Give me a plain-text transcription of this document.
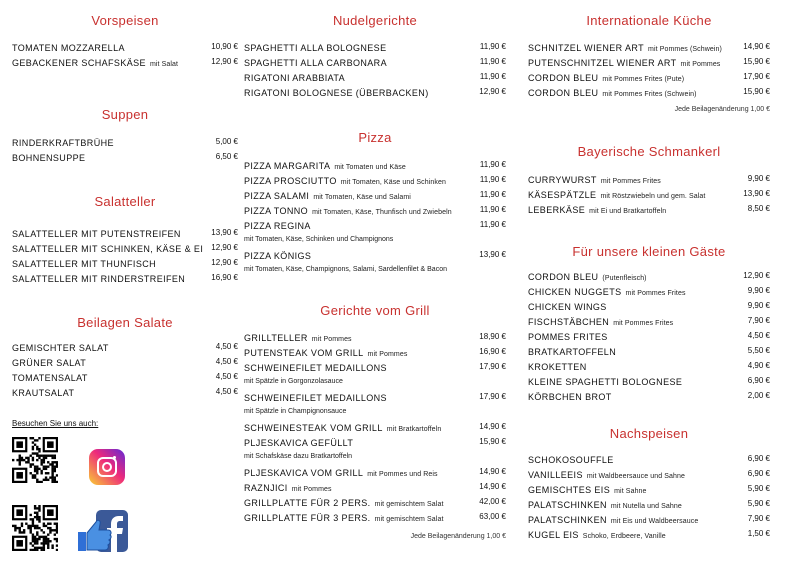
Vorspeisen
TOMATEN MOZZARELLA	10,90 €
GEBACKENER SCHAFSKÄSE mit Salat	12,90 €
Suppen
RINDERKRAFTBRÜHE	5,00 €
BOHNENSUPPE	6,50 €
Salatteller
SALATTELLER MIT PUTENSTREIFEN	13,90 €
SALATTELLER MIT SCHINKEN, KÄSE & EI	12,90 €
SALATTELLER MIT THUNFISCH	12,90 €
SALATTELLER MIT RINDERSTREIFEN	16,90 €
Beilagen Salate
GEMISCHTER SALAT	4,50 €
GRÜNER SALAT	4,50 €
TOMATENSALAT	4,50 €
KRAUTSALAT	4,50 €
Besuchen Sie uns auch:
Nudelgerichte
SPAGHETTI ALLA BOLOGNESE	11,90 €
SPAGHETTI ALLA CARBONARA	11,90 €
RIGATONI ARABBIATA	11,90 €
RIGATONI BOLOGNESE (ÜBERBACKEN)	12,90 €
Pizza
PIZZA MARGARITA mit Tomaten und Käse	11,90 €
PIZZA PROSCIUTTO mit Tomaten, Käse und Schinken	11,90 €
PIZZA SALAMI mit Tomaten, Käse und Salami	11,90 €
PIZZA TONNO mit Tomaten, Käse, Thunfisch und Zwiebeln	11,90 €
PIZZA REGINA	11,90 €
mit Tomaten, Käse, Schinken und Champignons
PIZZA KÖNIGS	13,90 €
mit Tomaten, Käse, Champignons, Salami, Sardellenfilet & Bacon
Gerichte vom Grill
GRILLTELLER mit Pommes	18,90 €
PUTENSTEAK VOM GRILL mit Pommes	16,90 €
SCHWEINEFILET MEDAILLONS	17,90 €
mit Spätzle in Gorgonzolasauce
SCHWEINEFILET MEDAILLONS	17,90 €
mit Spätzle in Champignonsauce
SCHWEINESTEAK VOM GRILL mit Bratkartoffeln	14,90 €
PLJESKAVICA GEFÜLLT	15,90 €
mit Schafskäse dazu Bratkartoffeln
PLJESKAVICA VOM GRILL mit Pommes und Reis	14,90 €
RAZNJICI mit Pommes	14,90 €
GRILLPLATTE FÜR 2 PERS. mit gemischtem Salat	42,00 €
GRILLPLATTE FÜR 3 PERS. mit gemischtem Salat	63,00 €
Jede Beilagenänderung 1,00 €
Internationale Küche
SCHNITZEL WIENER ART mit Pommes (Schwein)	14,90 €
PUTENSCHNITZEL WIENER ART mit Pommes	15,90 €
CORDON BLEU mit Pommes Frites (Pute)	17,90 €
CORDON BLEU mit Pommes Frites (Schwein)	15,90 €
Jede Beilagenänderung 1,00 €
Bayerische Schmankerl
CURRYWURST mit Pommes Frites	9,90 €
KÄSESPÄTZLE mit Röstzwiebeln und gem. Salat	13,90 €
LEBERKÄSE mit Ei und Bratkartoffeln	8,50 €
Für unsere kleinen Gäste
CORDON BLEU (Putenfleisch)	12,90 €
CHICKEN NUGGETS mit Pommes Frites	9,90 €
CHICKEN WINGS	9,90 €
FISCHSTÄBCHEN mit Pommes Frites	7,90 €
POMMES FRITES	4,50 €
BRATKARTOFFELN	5,50 €
KROKETTEN	4,90 €
KLEINE SPAGHETTI BOLOGNESE	6,90 €
KÖRBCHEN BROT	2,00 €
Nachspeisen
SCHOKOSOUFFLE	6,90 €
VANILLEEIS mit Waldbeersauce und Sahne	6,90 €
GEMISCHTES EIS mit Sahne	5,90 €
PALATSCHINKEN mit Nutella und Sahne	5,90 €
PALATSCHINKEN mit Eis und Waldbeersauce	7,90 €
KUGEL EIS Schoko, Erdbeere, Vanille	1,50 €
